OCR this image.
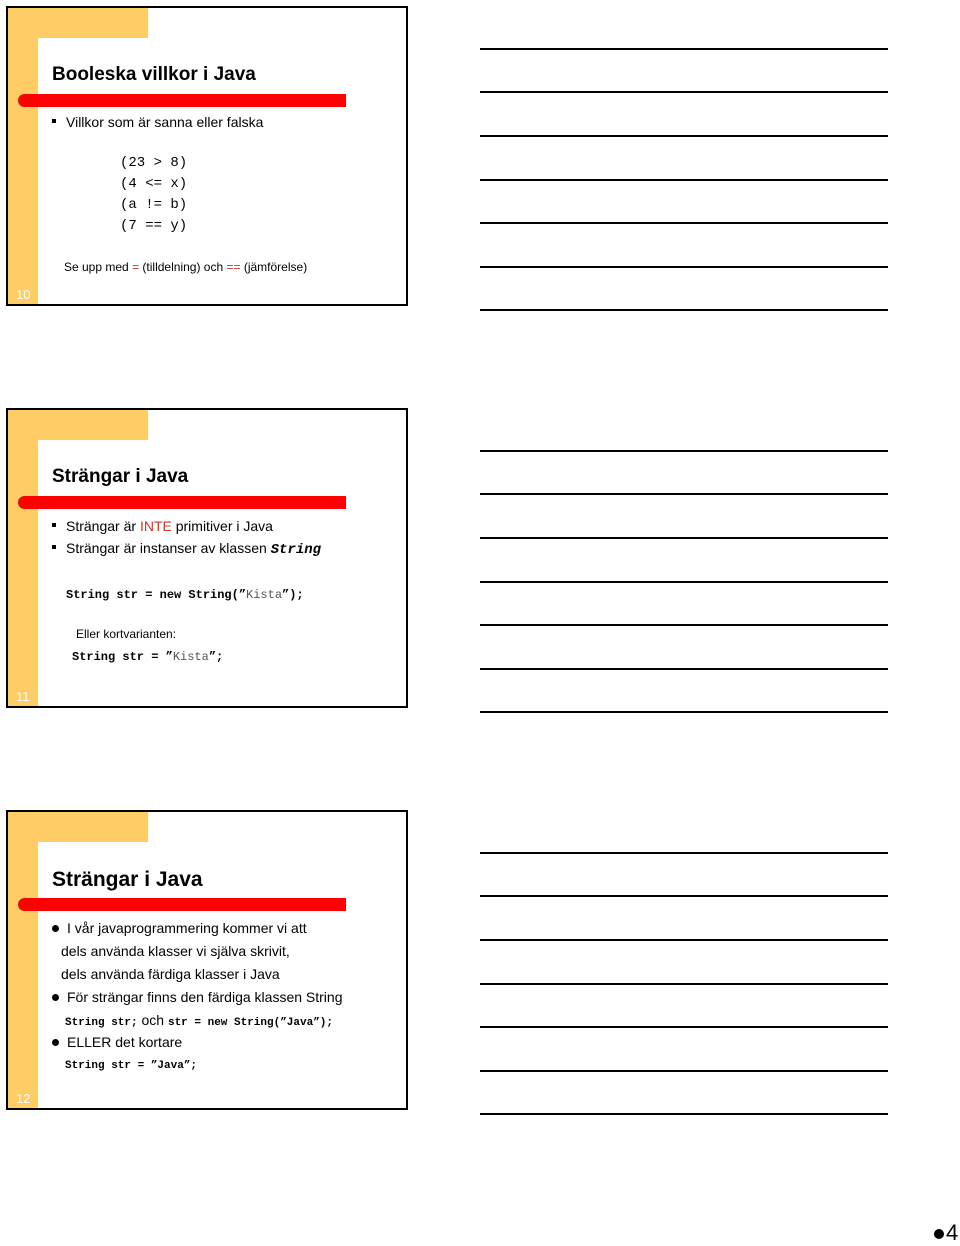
10
Booleska villkor i Java
Villkor som är sanna eller falska
(23 > 8)
(4 <= x)
(a != b)
(7 == y)
Se upp med = (tilldelning) och == (jämförelse)
11
Strängar i Java
Strängar är INTE primitiver i Java
Strängar är instanser av klassen String
String str = new String(”Kista”);
Eller kortvarianten:
String str = ”Kista”;
12
Strängar i Java
I vår javaprogrammering kommer vi att
dels använda klasser vi själva skrivit,
dels använda färdiga klasser i Java
För strängar finns den färdiga klassen String
String str; och str = new String(”Java”);
ELLER det kortare
String str = ”Java”;
4
